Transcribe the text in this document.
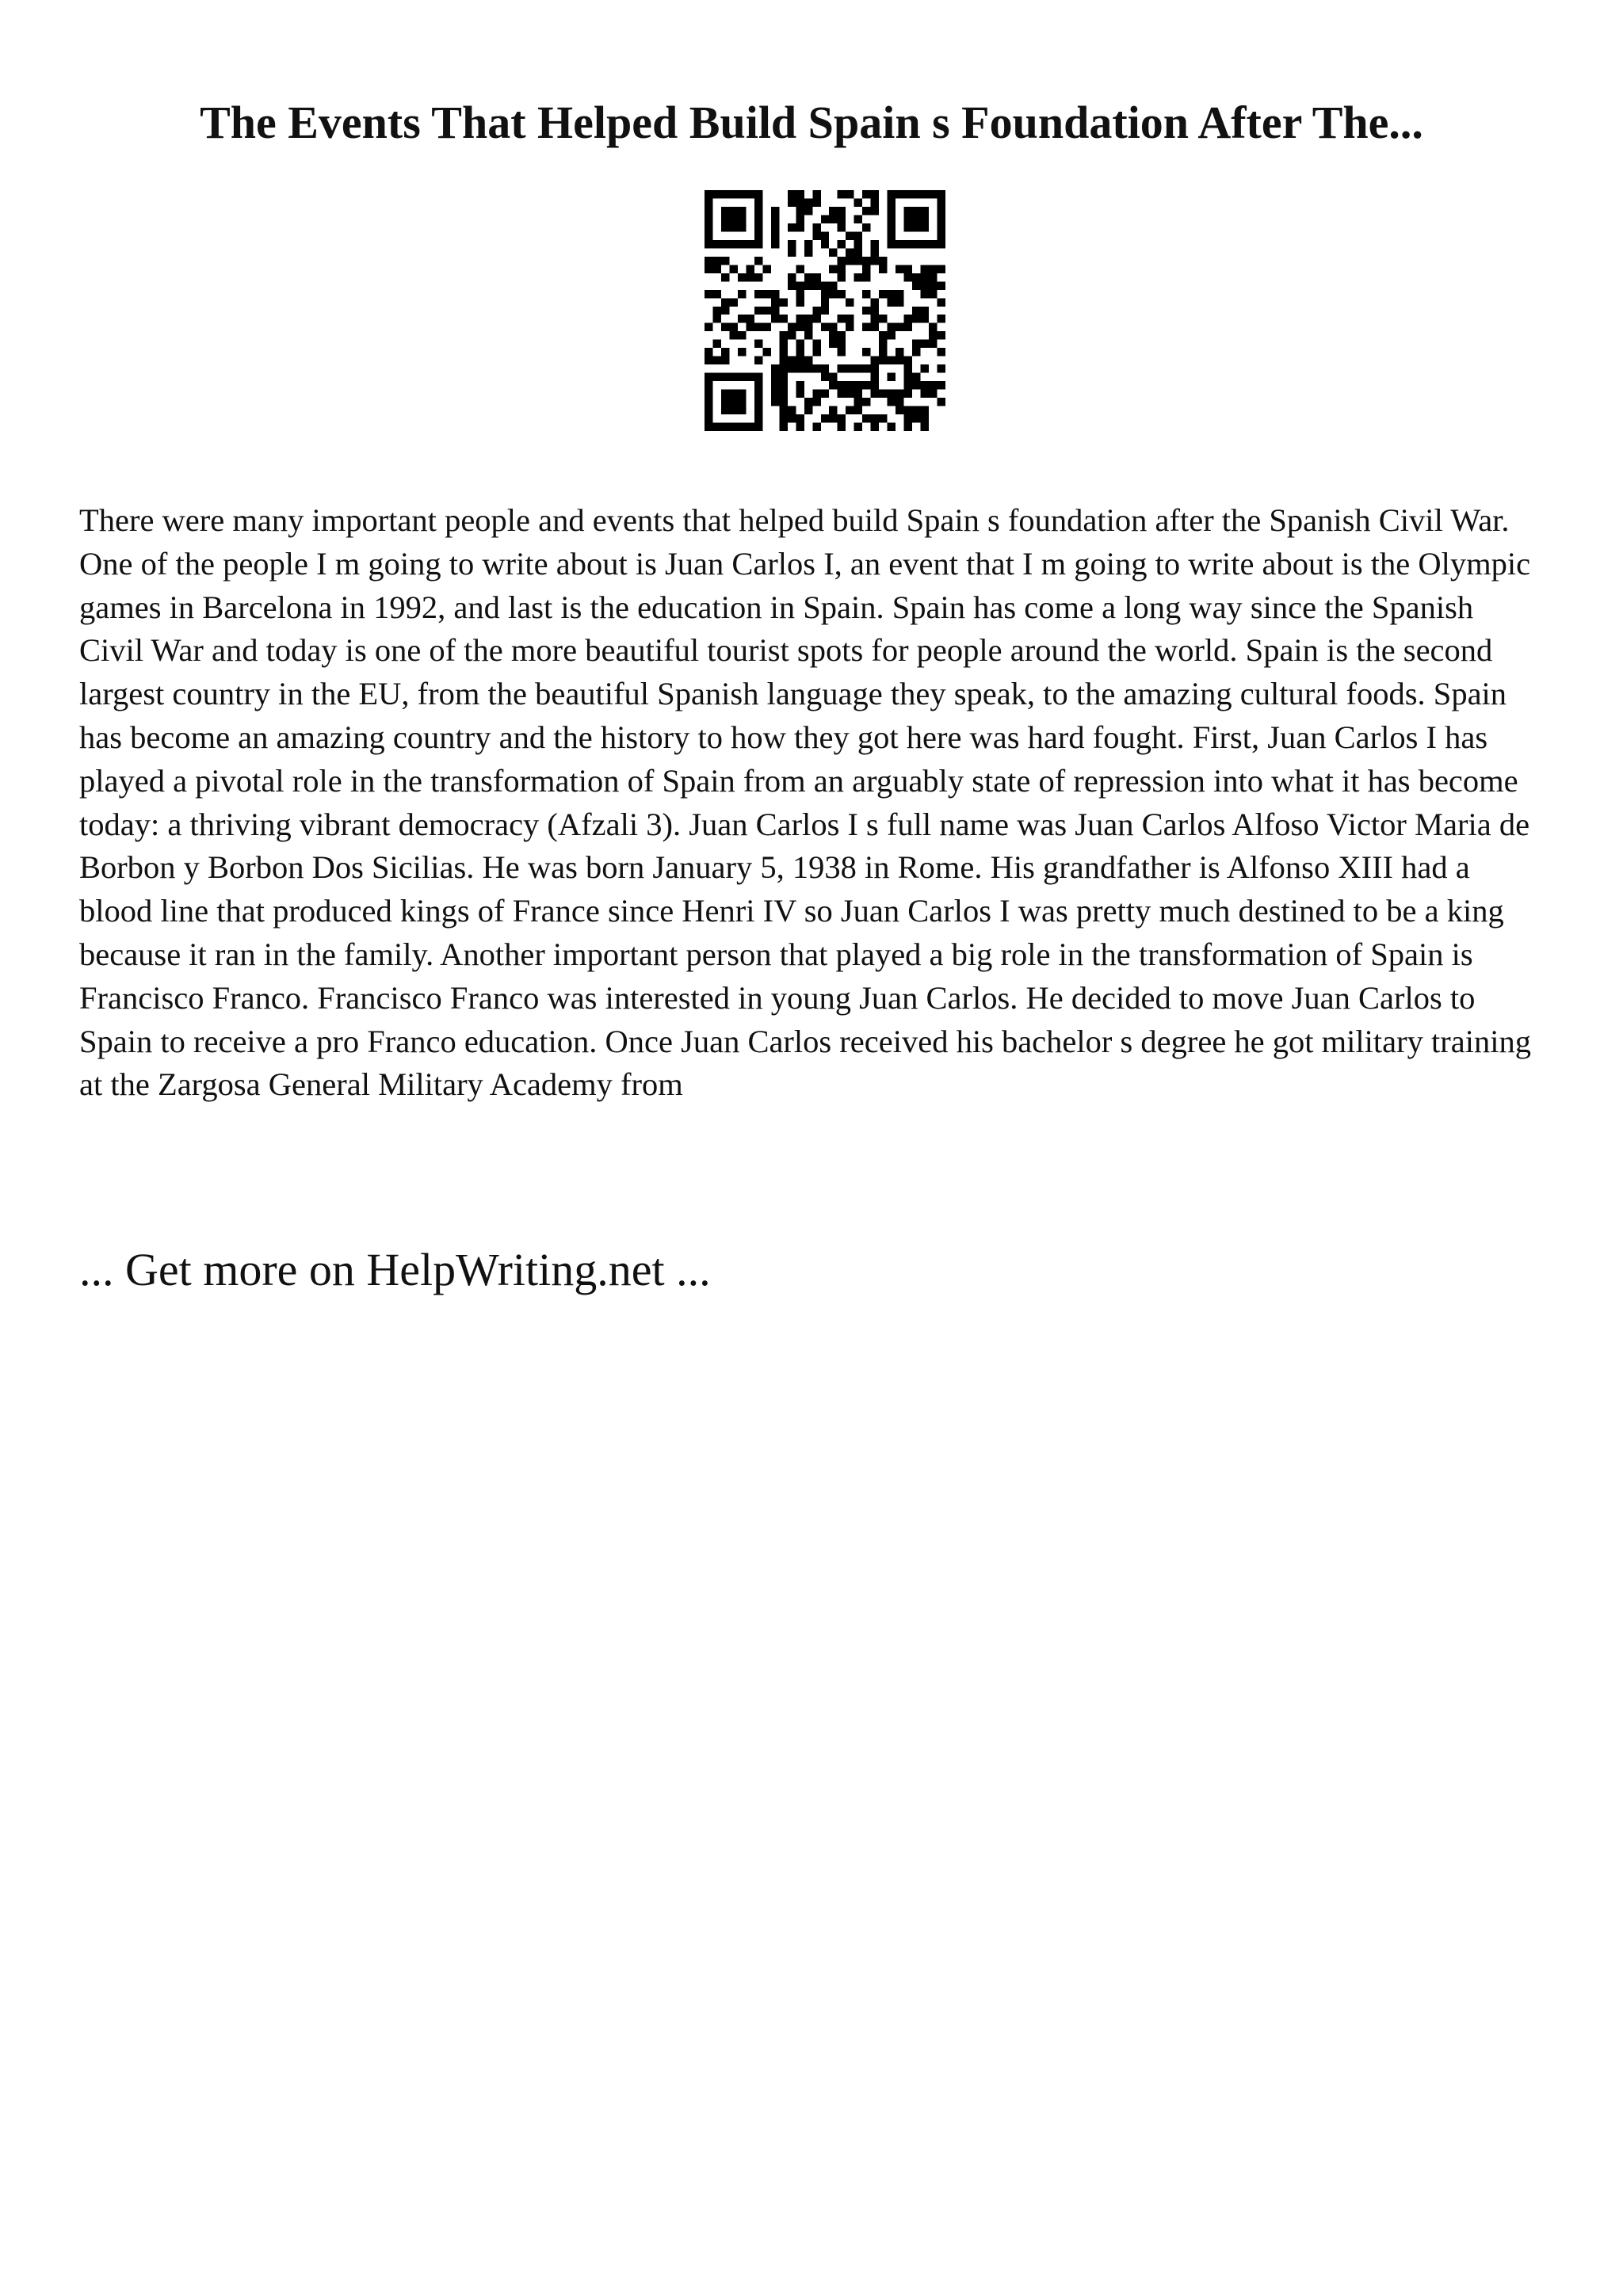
The Events That Helped Build Spain s Foundation After The...

There were many important people and events that helped build Spain s foundation after the Spanish Civil War. One of the people I m going to write about is Juan Carlos I, an event that I m going to write about is the Olympic games in Barcelona in 1992, and last is the education in Spain. Spain has come a long way since the Spanish Civil War and today is one of the more beautiful tourist spots for people around the world. Spain is the second largest country in the EU, from the beautiful Spanish language they speak, to the amazing cultural foods. Spain has become an amazing country and the history to how they got here was hard fought. First, Juan Carlos I has played a pivotal role in the transformation of Spain from an arguably state of repression into what it has become today: a thriving vibrant democracy (Afzali 3). Juan Carlos I s full name was Juan Carlos Alfoso Victor Maria de Borbon y Borbon Dos Sicilias. He was born January 5, 1938 in Rome. His grandfather is Alfonso XIII had a blood line that produced kings of France since Henri IV so Juan Carlos I was pretty much destined to be a king because it ran in the family. Another important person that played a big role in the transformation of Spain is Francisco Franco. Francisco Franco was interested in young Juan Carlos. He decided to move Juan Carlos to Spain to receive a pro Franco education. Once Juan Carlos received his bachelor s degree he got military training at the Zargosa General Military Academy from

... Get more on HelpWriting.net ...
